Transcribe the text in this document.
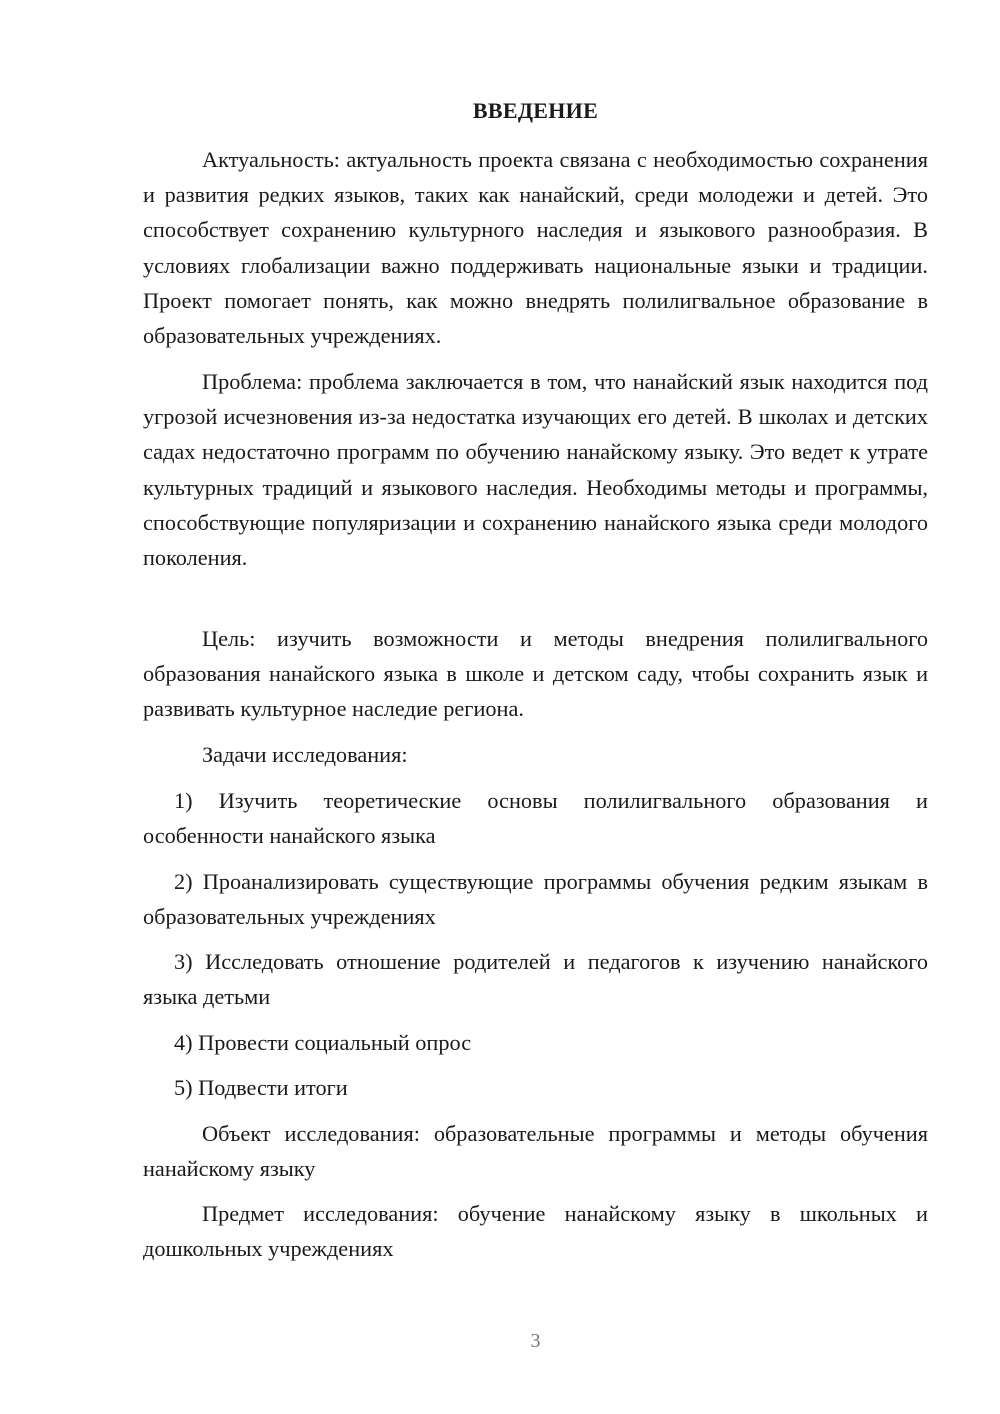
ВВЕДЕНИЕ

Актуальность: актуальность проекта связана с необходимостью сохранения и развития редких языков, таких как нанайский, среди молодежи и детей. Это способствует сохранению культурного наследия и языкового разнообразия. В условиях глобализации важно поддерживать национальные языки и традиции. Проект помогает понять, как можно внедрять полилигвальное образование в образовательных учреждениях.

Проблема: проблема заключается в том, что нанайский язык находится под угрозой исчезновения из-за недостатка изучающих его детей. В школах и детских садах недостаточно программ по обучению нанайскому языку. Это ведет к утрате культурных традиций и языкового наследия. Необходимы методы и программы, способствующие популяризации и сохранению нанайского языка среди молодого поколения.

Цель: изучить возможности и методы внедрения полилигвального образования нанайского языка в школе и детском саду, чтобы сохранить язык и развивать культурное наследие региона.

Задачи исследования:

1) Изучить теоретические основы полилигвального образования и особенности нанайского языка

2) Проанализировать существующие программы обучения редким языкам в образовательных учреждениях

3) Исследовать отношение родителей и педагогов к изучению нанайского языка детьми

4) Провести социальный опрос

5) Подвести итоги

Объект исследования: образовательные программы и методы обучения нанайскому языку

Предмет исследования: обучение нанайскому языку в школьных и дошкольных учреждениях

3
